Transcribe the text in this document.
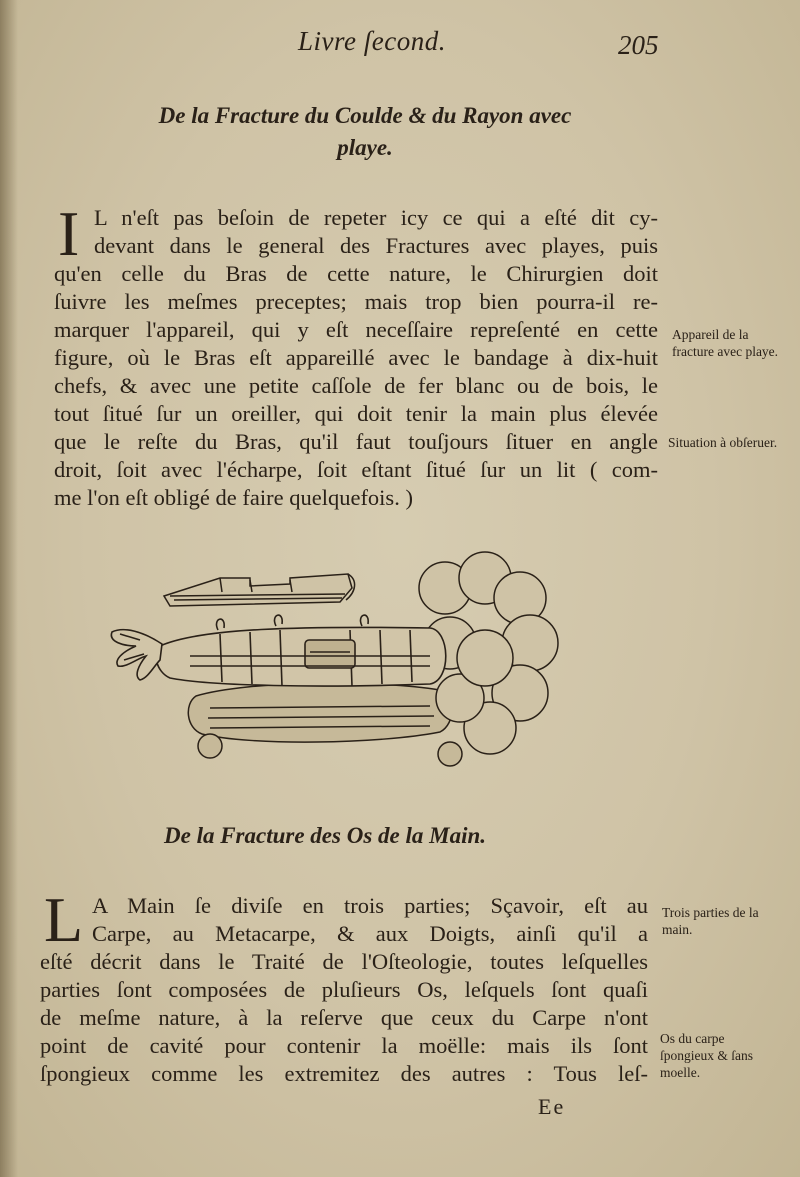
Livre ſecond.	205
De la Fracture du Coulde & du Rayon avec
playe.
I L n'eſt pas beſoin de repeter icy ce qui a eſté dit cy-
devant dans le general des Fractures avec playes, puis
qu'en celle du Bras de cette nature, le Chirurgien doit
ſuivre les meſmes preceptes; mais trop bien pourra-il re-
marquer l'appareil, qui y eſt neceſſaire repreſenté en cette
figure, où le Bras eſt appareillé avec le bandage à dix-huit
chefs, & avec une petite caſſole de fer blanc ou de bois, le
tout ſitué ſur un oreiller, qui doit tenir la main plus élevée
que le reſte du Bras, qu'il faut touſjours ſituer en angle
droit, ſoit avec l'écharpe, ſoit eſtant ſitué ſur un lit ( com-
me l'on eſt obligé de faire quelquefois. )
Appareil de la fracture avec playe.
Situation à obſeruer.
De la Fracture des Os de la Main.
L A Main ſe diviſe en trois parties; Sçavoir, eſt au
Carpe, au Metacarpe, & aux Doigts, ainſi qu'il a
eſté décrit dans le Traité de l'Oſteologie, toutes leſquelles
parties ſont composées de pluſieurs Os, leſquels ſont quaſi
de meſme nature, à la reſerve que ceux du Carpe n'ont
point de cavité pour contenir la moëlle: mais ils ſont
ſpongieux comme les extremitez des autres : Tous leſ-
Trois parties de la main.
Os du carpe ſpongieux & ſans moelle.
Ee
